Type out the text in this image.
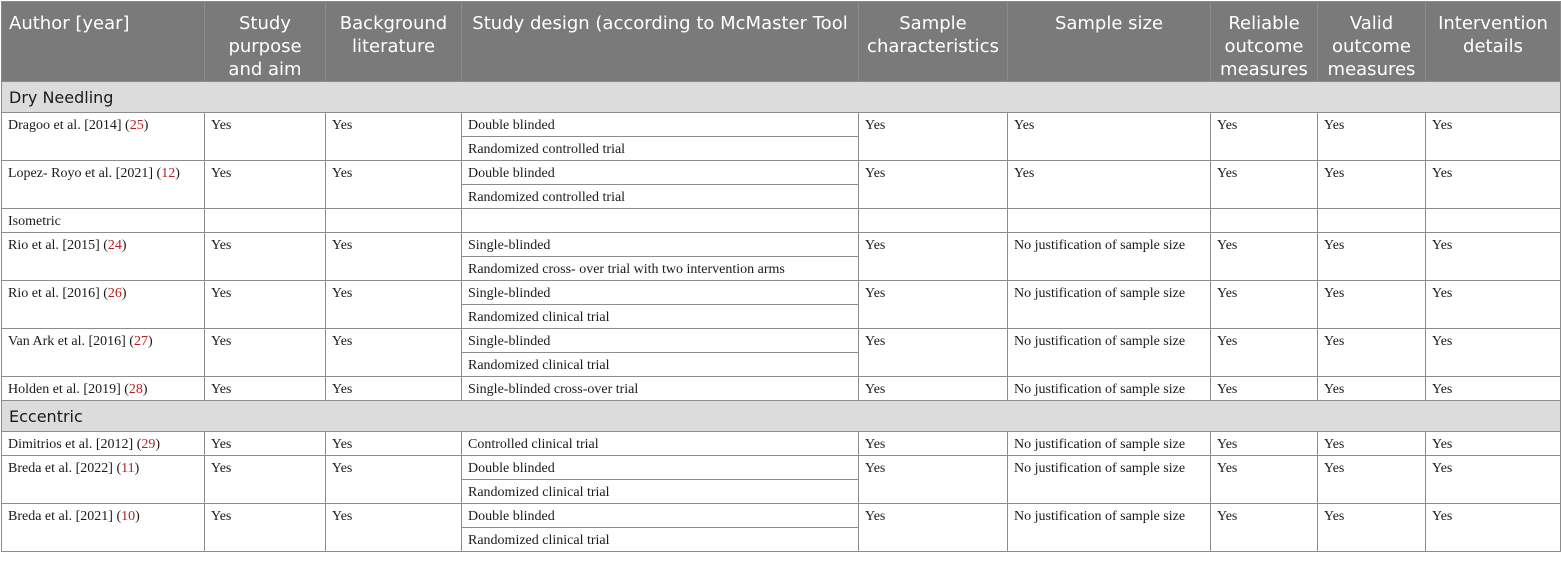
Author [year]	Study purpose and aim	Background literature	Study design (according to McMaster Tool	Sample characteristics	Sample size	Reliable outcome measures	Valid outcome measures	Intervention details
Dry Needling								
Dragoo et al. [2014] (25)	Yes	Yes	Double blinded	Yes	Yes	Yes	Yes	Yes
			Randomized controlled trial					
Lopez- Royo et al. [2021] (12)	Yes	Yes	Double blinded	Yes	Yes	Yes	Yes	Yes
			Randomized controlled trial					
Isometric								
Rio et al. [2015] (24)	Yes	Yes	Single-blinded	Yes	No justification of sample size	Yes	Yes	Yes
			Randomized cross- over trial with two intervention arms					
Rio et al. [2016] (26)	Yes	Yes	Single-blinded	Yes	No justification of sample size	Yes	Yes	Yes
			Randomized clinical trial					
Van Ark et al. [2016] (27)	Yes	Yes	Single-blinded	Yes	No justification of sample size	Yes	Yes	Yes
			Randomized clinical trial					
Holden et al. [2019] (28)	Yes	Yes	Single-blinded cross-over trial	Yes	No justification of sample size	Yes	Yes	Yes
Eccentric								
Dimitrios et al. [2012] (29)	Yes	Yes	Controlled clinical trial	Yes	No justification of sample size	Yes	Yes	Yes
Breda et al. [2022] (11)	Yes	Yes	Double blinded	Yes	No justification of sample size	Yes	Yes	Yes
			Randomized clinical trial					
Breda et al. [2021] (10)	Yes	Yes	Double blinded	Yes	No justification of sample size	Yes	Yes	Yes
			Randomized clinical trial					
